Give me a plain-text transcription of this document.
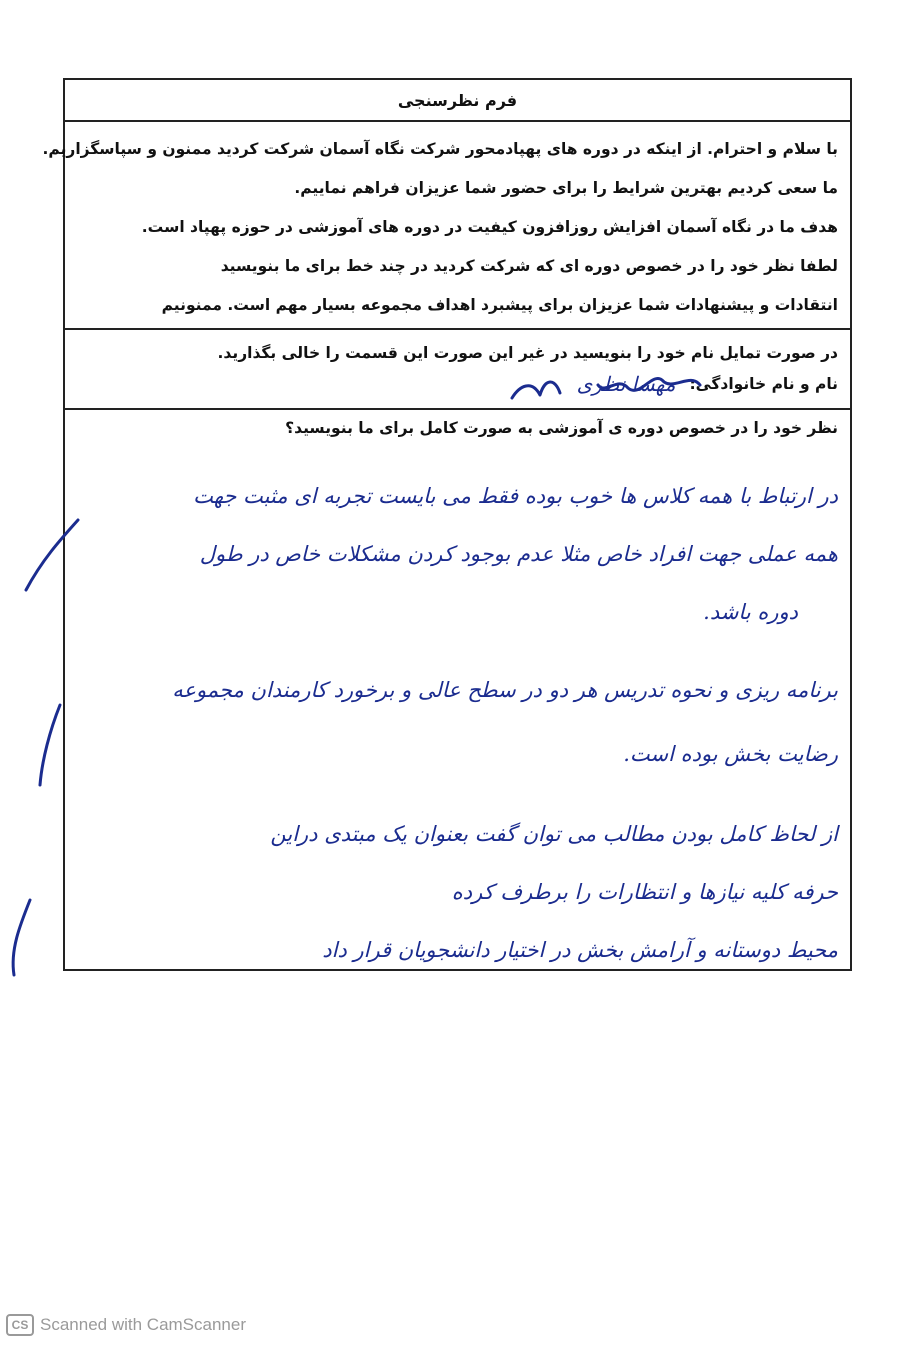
فرم نظرسنجی

با سلام و احترام. از اینکه در دوره های پهپادمحور شرکت نگاه آسمان شرکت کردید ممنون و سپاسگزاریم.

ما سعی کردیم بهترین شرایط را برای حضور شما عزیزان فراهم نماییم.

هدف ما در نگاه آسمان افزایش روزافزون کیفیت در دوره های آموزشی در حوزه پهپاد است.

لطفا نظر خود را در خصوص دوره ای که شرکت کردید در چند خط برای ما بنویسید

انتقادات و پیشنهادات شما عزیزان برای پیشبرد اهداف مجموعه بسیار مهم است. ممنونیم

در صورت تمایل نام خود را بنویسید در غیر این صورت این قسمت را خالی بگذارید.

نام و نام خانوادگی:
مهسا نظری

نظر خود را در خصوص دوره ی آموزشی به صورت کامل برای ما بنویسید؟

در ارتباط با همه کلاس ها خوب بوده فقط می بایست تجربه ای مثبت جهت
همه عملی جهت افراد خاص مثلا عدم بوجود کردن مشکلات خاص در طول
دوره باشد.
برنامه ریزی و نحوه تدریس هر دو در سطح عالی و برخورد کارمندان مجموعه
رضایت بخش بوده است.
از لحاظ کامل بودن مطالب می توان گفت بعنوان یک مبتدی دراین
حرفه کلیه نیازها و انتظارات را برطرف کرده
محیط دوستانه و آرامش بخش در اختیار دانشجویان قرار داد
CS Scanned with CamScanner
